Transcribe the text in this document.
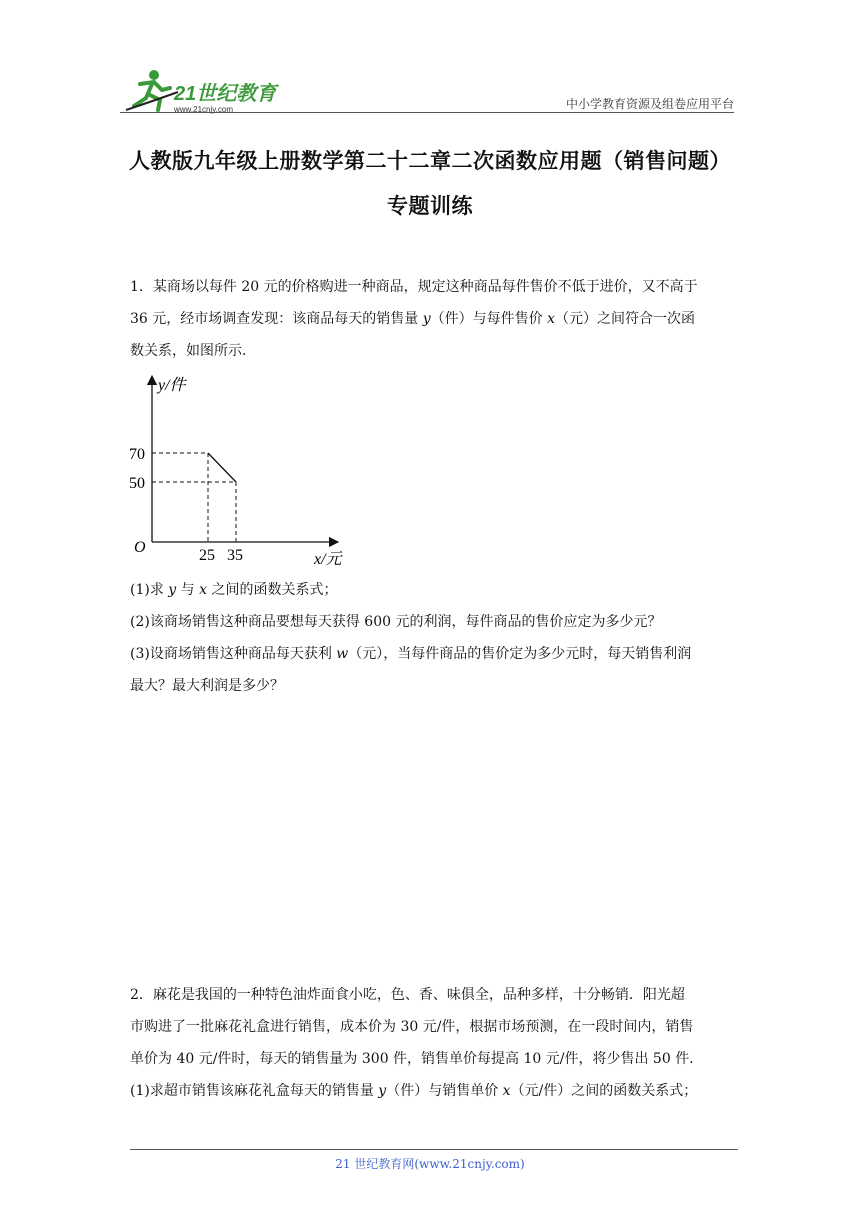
21世纪教育
www.21cnjy.com	中小学教育资源及组卷应用平台
人教版九年级上册数学第二十二章二次函数应用题（销售问题）
专题训练

1．某商场以每件 20 元的价格购进一种商品，规定这种商品每件售价不低于进价，又不高于

36 元，经市场调查发现：该商品每天的销售量 y（件）与每件售价 x（元）之间符合一次函

数关系，如图所示．

y/件
x/元
O
70
50
25 35

(1)求 y 与 x 之间的函数关系式；

(2)该商场销售这种商品要想每天获得 600 元的利润，每件商品的售价应定为多少元？

(3)设商场销售这种商品每天获利 w（元），当每件商品的售价定为多少元时，每天销售利润

最大？最大利润是多少？

2．麻花是我国的一种特色油炸面食小吃，色、香、味俱全，品种多样，十分畅销．阳光超

市购进了一批麻花礼盒进行销售，成本价为 30 元/件，根据市场预测，在一段时间内，销售

单价为 40 元/件时，每天的销售量为 300 件，销售单价每提高 10 元/件，将少售出 50 件．

(1)求超市销售该麻花礼盒每天的销售量 y（件）与销售单价 x（元/件）之间的函数关系式；

21 世纪教育网(www.21cnjy.com)
